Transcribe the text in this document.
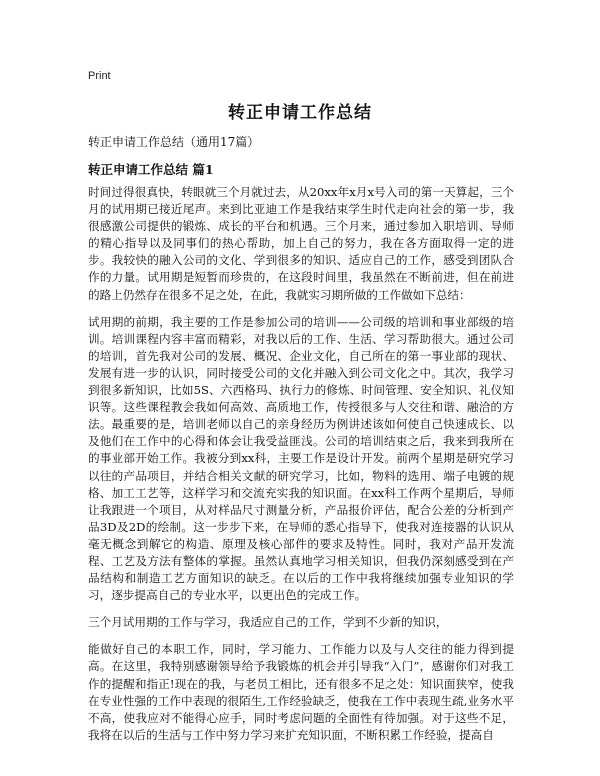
Print
转正申请工作总结

转正申请工作总结（通用17篇）

转正申请工作总结 篇1

时间过得很真快，转眼就三个月就过去，从20xx年x月x号入司的第一天算起，三个月的试用期已接近尾声。来到比亚迪工作是我结束学生时代走向社会的第一步，我很感激公司提供的锻炼、成长的平台和机遇。三个月来，通过参加入职培训、导师的精心指导以及同事们的热心帮助，加上自己的努力，我在各方面取得一定的进步。我较快的融入公司的文化、学到很多的知识、适应自己的工作，感受到团队合作的力量。试用期是短暂而珍贵的，在这段时间里，我虽然在不断前进，但在前进的路上仍然存在很多不足之处，在此，我就实习期所做的工作做如下总结：

试用期的前期，我主要的工作是参加公司的培训——公司级的培训和事业部级的培训。培训课程内容丰富而精彩，对我以后的工作、生活、学习帮助很大。通过公司的培训，首先我对公司的发展、概况、企业文化，自己所在的第一事业部的现状、发展有进一步的认识，同时接受公司的文化并融入到公司文化之中。其次，我学习到很多新知识，比如5S、六西格玛、执行力的修炼、时间管理、安全知识、礼仪知识等。这些课程教会我如何高效、高质地工作，传授很多与人交往和谐、融洽的方法。最重要的是，培训老师以自己的亲身经历为例讲述该如何使自己快速成长、以及他们在工作中的心得和体会让我受益匪浅。公司的培训结束之后，我来到我所在的事业部开始工作。我被分到xx科，主要工作是设计开发。前两个星期是研究学习以往的产品项目，并结合相关文献的研究学习，比如，物料的选用、端子电镀的规格、加工工艺等，这样学习和交流充实我的知识面。在xx科工作两个星期后，导师让我跟进一个项目，从对样品尺寸测量分析，产品报价评估，配合公差的分析到产品3D及2D的绘制。这一步步下来，在导师的悉心指导下，使我对连接器的认识从毫无概念到解它的构造、原理及核心部件的要求及特性。同时，我对产品开发流程、工艺及方法有整体的掌握。虽然认真地学习相关知识，但我仍深刻感受到在产品结构和制造工艺方面知识的缺乏。在以后的工作中我将继续加强专业知识的学习，逐步提高自己的专业水平，以更出色的完成工作。

三个月试用期的工作与学习，我适应自己的工作，学到不少新的知识，

能做好自己的本职工作，同时，学习能力、工作能力以及与人交往的能力得到提高。在这里，我特别感谢领导给予我锻炼的机会并引导我“入门”，感谢你们对我工作的提醒和指正!现在的我，与老员工相比，还有很多不足之处：知识面狭窄，使我在专业性强的工作中表现的很陌生,工作经验缺乏，使我在工作中表现生疏,业务水平不高，使我应对不能得心应手，同时考虑问题的全面性有待加强。对于这些不足，我将在以后的生活与工作中努力学习来扩充知识面，不断积累工作经验，提高自
